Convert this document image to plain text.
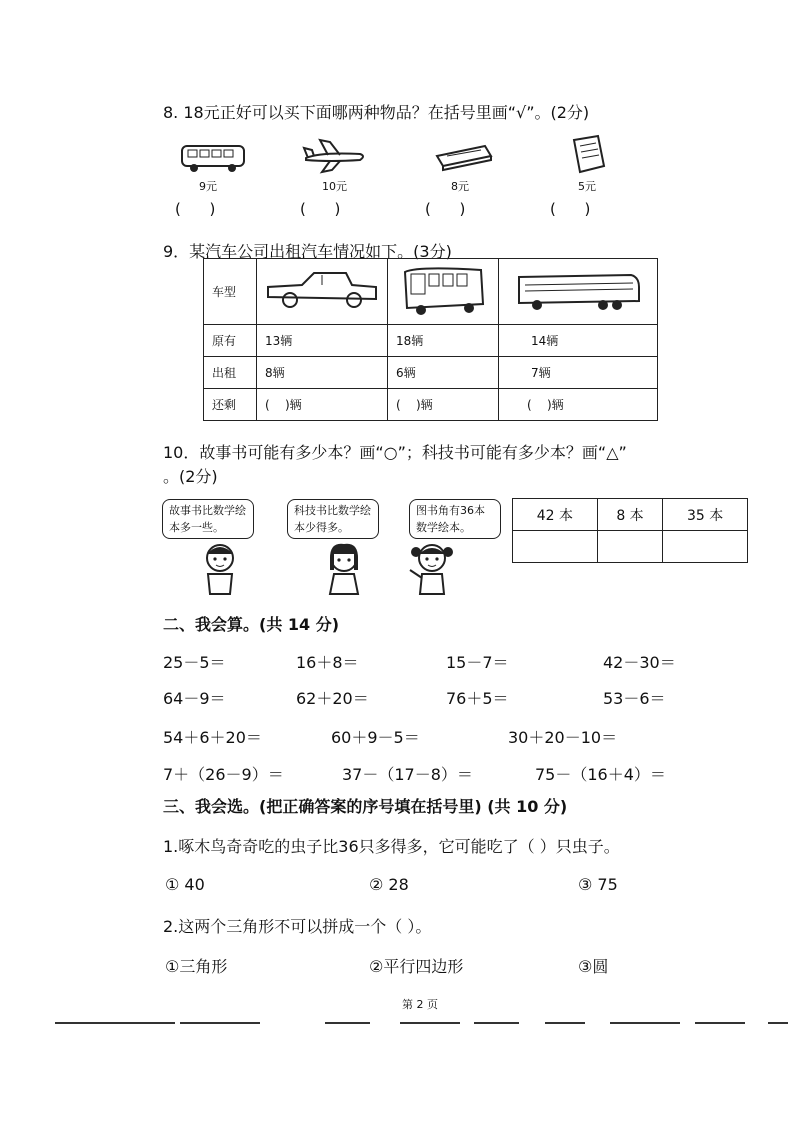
8. 18元正好可以买下面哪两种物品？在括号里画“√”。(2分)
9元	10元	8元	5元
(      )	(      )	(      )	(      )
9．某汽车公司出租汽车情况如下。(3分)
车型			
原有	13辆	18辆	14辆
出租	8辆	6辆	7辆
还剩	(    )辆	(    )辆	(    )辆
10．故事书可能有多少本？画“○”；科技书可能有多少本？画“△”
。(2分)
故事书比数学绘本多一些。
科技书比数学绘本少得多。
图书角有36本数学绘本。
42 本	8 本	35 本

二、我会算。(共 14 分)
25－5＝	16＋8＝	15－7＝	42－30＝
64－9＝	62＋20＝	76＋5＝	53－6＝
54＋6＋20＝	60＋9－5＝	30＋20－10＝
7＋（26－9）＝	37－（17－8）＝	75－（16＋4）＝
三、我会选。(把正确答案的序号填在括号里) (共 10 分)
1.啄木鸟奇奇吃的虫子比36只多得多，它可能吃了（ ）只虫子。
① 40	② 28	③ 75
2.这两个三角形不可以拼成一个（ ）。
①三角形	②平行四边形	③圆
第 2 页
